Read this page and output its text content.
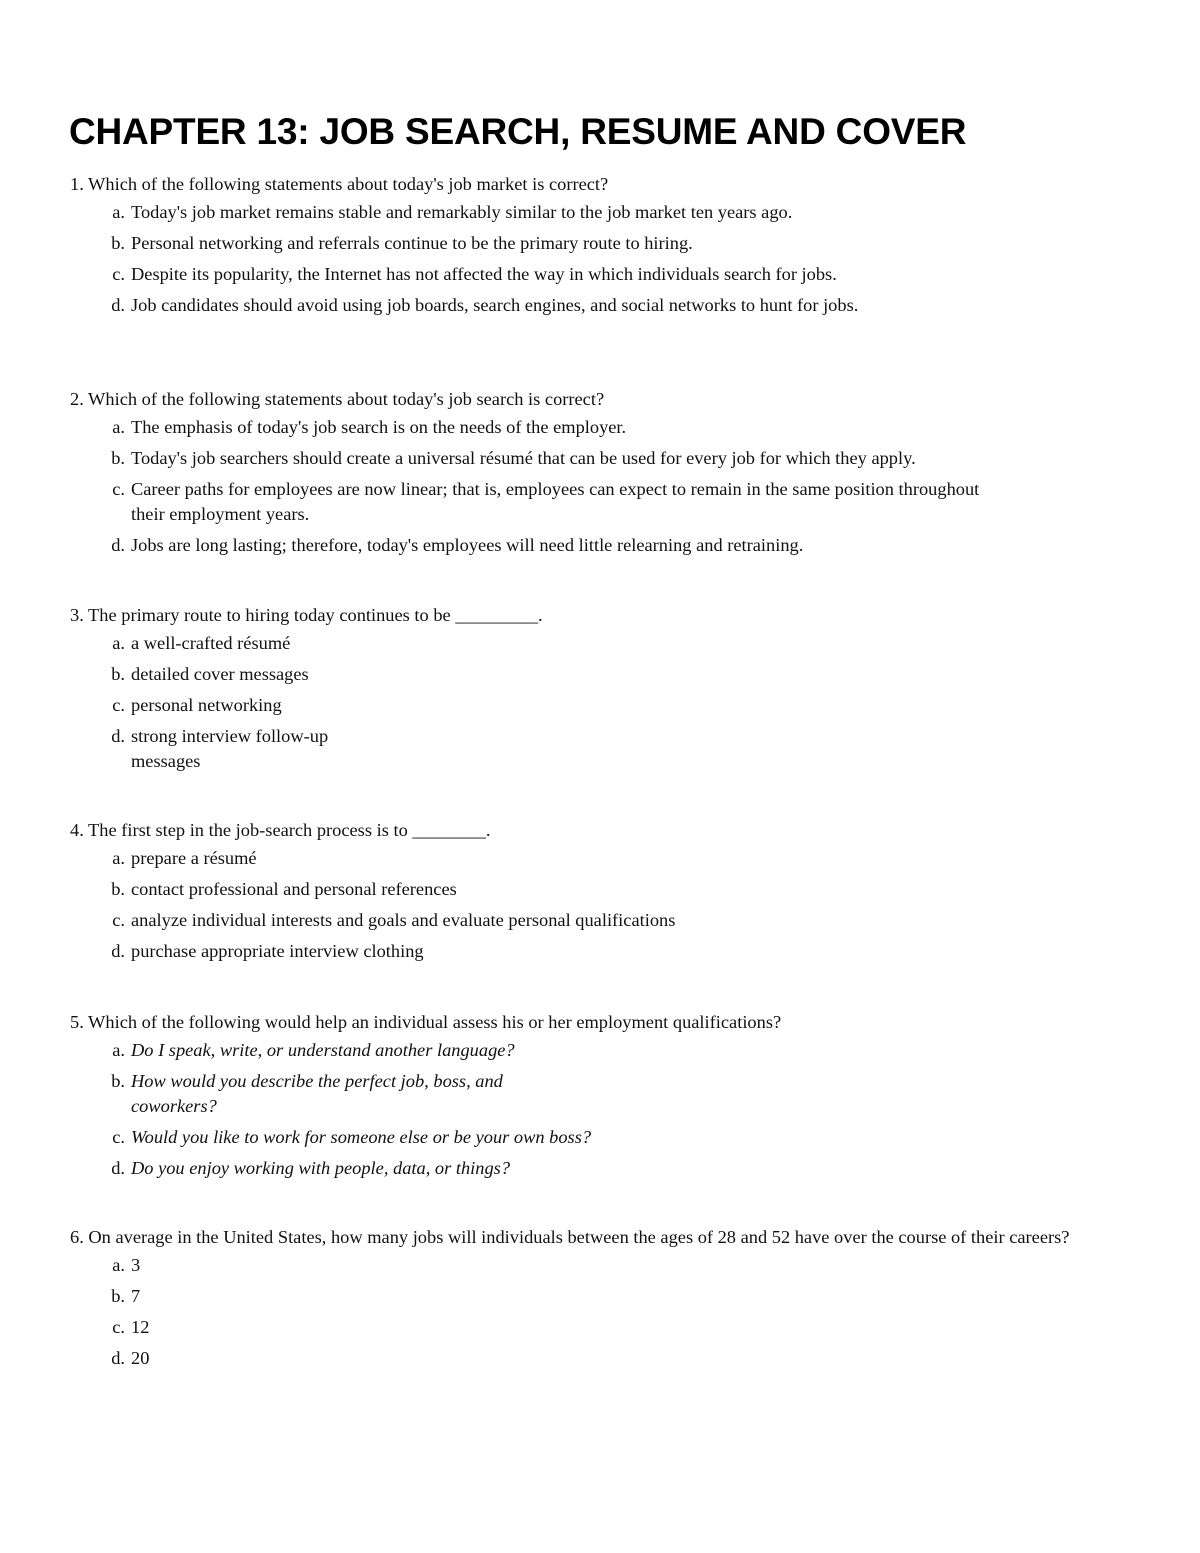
CHAPTER 13: JOB SEARCH, RESUME AND COVER

1. Which of the following statements about today's job market is correct?

a. Today's job market remains stable and remarkably similar to the job market ten years ago.
b. Personal networking and referrals continue to be the primary route to hiring.
c. Despite its popularity, the Internet has not affected the way in which individuals search for jobs.
d. Job candidates should avoid using job boards, search engines, and social networks to hunt for jobs.

2. Which of the following statements about today's job search is correct?

a. The emphasis of today's job search is on the needs of the employer.
b. Today's job searchers should create a universal résumé that can be used for every job for which they apply.
c. Career paths for employees are now linear; that is, employees can expect to remain in the same position throughout their employment years.
d. Jobs are long lasting; therefore, today's employees will need little relearning and retraining.

3. The primary route to hiring today continues to be _________.

a. a well-crafted résumé
b. detailed cover messages
c. personal networking
d. strong interview follow-up messages

4. The first step in the job-search process is to ________.

a. prepare a résumé
b. contact professional and personal references
c. analyze individual interests and goals and evaluate personal qualifications
d. purchase appropriate interview clothing

5. Which of the following would help an individual assess his or her employment qualifications?

a. Do I speak, write, or understand another language?
b. How would you describe the perfect job, boss, and coworkers?
c. Would you like to work for someone else or be your own boss?
d. Do you enjoy working with people, data, or things?

6. On average in the United States, how many jobs will individuals between the ages of 28 and 52 have over the course of their careers?

a. 3
b. 7
c. 12
d. 20
